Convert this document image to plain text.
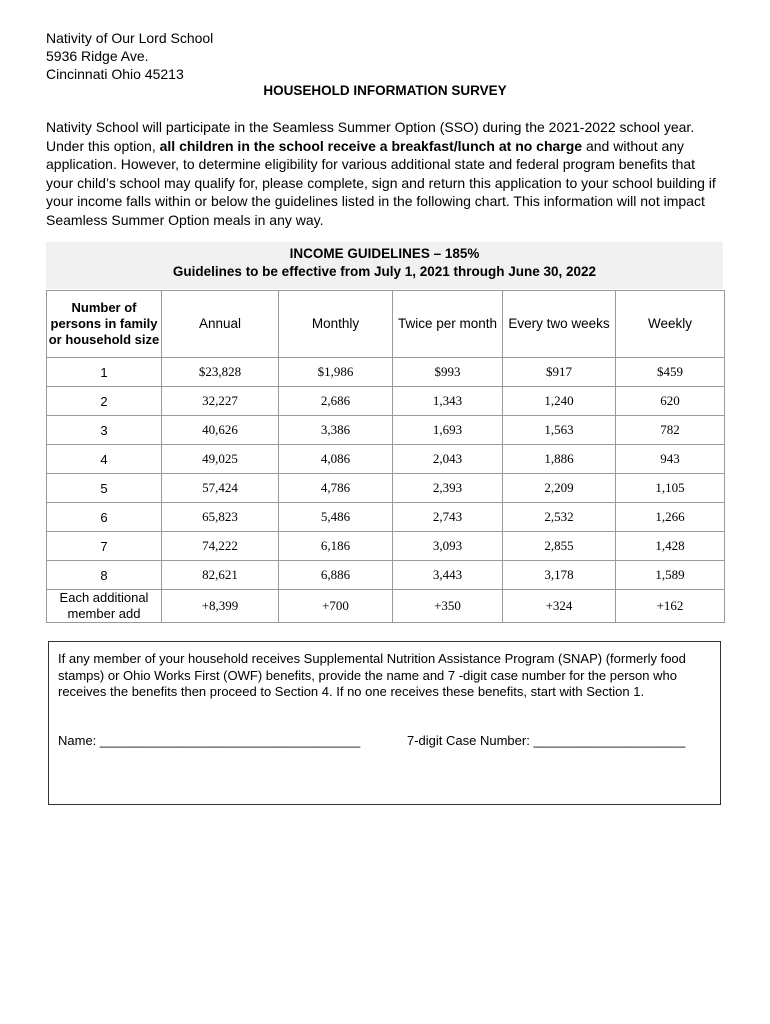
Nativity of Our Lord School
5936 Ridge Ave.
Cincinnati Ohio 45213
HOUSEHOLD INFORMATION SURVEY
Nativity School will participate in the Seamless Summer Option (SSO) during the 2021-2022 school year. Under this option, all children in the school receive a breakfast/lunch at no charge and without any application. However, to determine eligibility for various additional state and federal program benefits that your child’s school may qualify for, please complete, sign and return this application to your school building if your income falls within or below the guidelines listed in the following chart. This information will not impact Seamless Summer Option meals in any way.
INCOME GUIDELINES – 185%
Guidelines to be effective from July 1, 2021 through June 30, 2022
Number of persons in family or household size	Annual	Monthly	Twice per month	Every two weeks	Weekly
1	$23,828	$1,986	$993	$917	$459
2	32,227	2,686	1,343	1,240	620
3	40,626	3,386	1,693	1,563	782
4	49,025	4,086	2,043	1,886	943
5	57,424	4,786	2,393	2,209	1,105
6	65,823	5,486	2,743	2,532	1,266
7	74,222	6,186	3,093	2,855	1,428
8	82,621	6,886	3,443	3,178	1,589
Each additional member add	+8,399	+700	+350	+324	+162
If any member of your household receives Supplemental Nutrition Assistance Program (SNAP) (formerly food stamps) or Ohio Works First (OWF) benefits, provide the name and 7 -digit case number for the person who receives the benefits then proceed to Section 4. If no one receives these benefits, start with Section 1.
Name: ____________________________________	7-digit Case Number: _____________________
